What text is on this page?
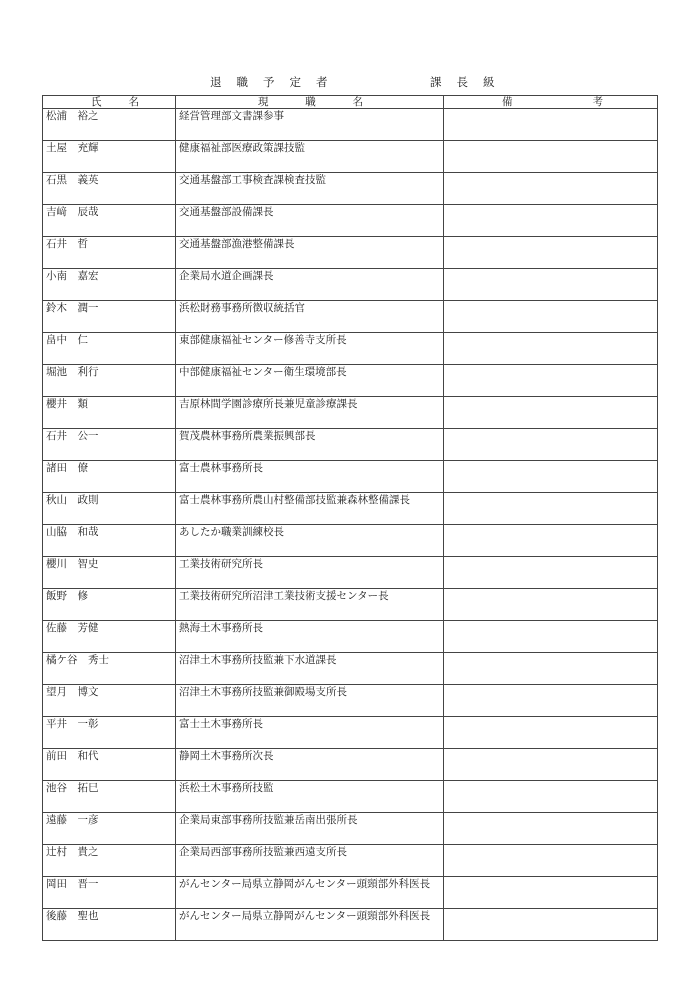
退 職 予 定 者	課 長 級
氏 名	現 職 名	備 考

松浦　裕之	経営管理部文書課参事	
土屋　充輝	健康福祉部医療政策課技監	
石黒　義英	交通基盤部工事検査課検査技監	
吉﨑　辰哉	交通基盤部設備課長	
石井　哲	交通基盤部漁港整備課長	
小南　嘉宏	企業局水道企画課長	
鈴木　潤一	浜松財務事務所徴収統括官	
畠中　仁	東部健康福祉センター修善寺支所長	
堀池　利行	中部健康福祉センター衛生環境部長	
櫻井　類	吉原林間学園診療所長兼児童診療課長	
石井　公一	賀茂農林事務所農業振興部長	
諸田　僚	富士農林事務所長	
秋山　政則	富士農林事務所農山村整備部技監兼森林整備課長	
山脇　和哉	あしたか職業訓練校長	
櫻川　智史	工業技術研究所長	
飯野　修	工業技術研究所沼津工業技術支援センター長	
佐藤　芳健	熱海土木事務所長	
橘ケ谷　秀士	沼津土木事務所技監兼下水道課長	
望月　博文	沼津土木事務所技監兼御殿場支所長	
平井　一彰	富士土木事務所長	
前田　和代	静岡土木事務所次長	
池谷　拓巳	浜松土木事務所技監	
遠藤　一彦	企業局東部事務所技監兼岳南出張所長	
辻村　貴之	企業局西部事務所技監兼西遠支所長	
岡田　晋一	がんセンター局県立静岡がんセンター頭頸部外科医長	
後藤　聖也	がんセンター局県立静岡がんセンター頭頸部外科医長	
